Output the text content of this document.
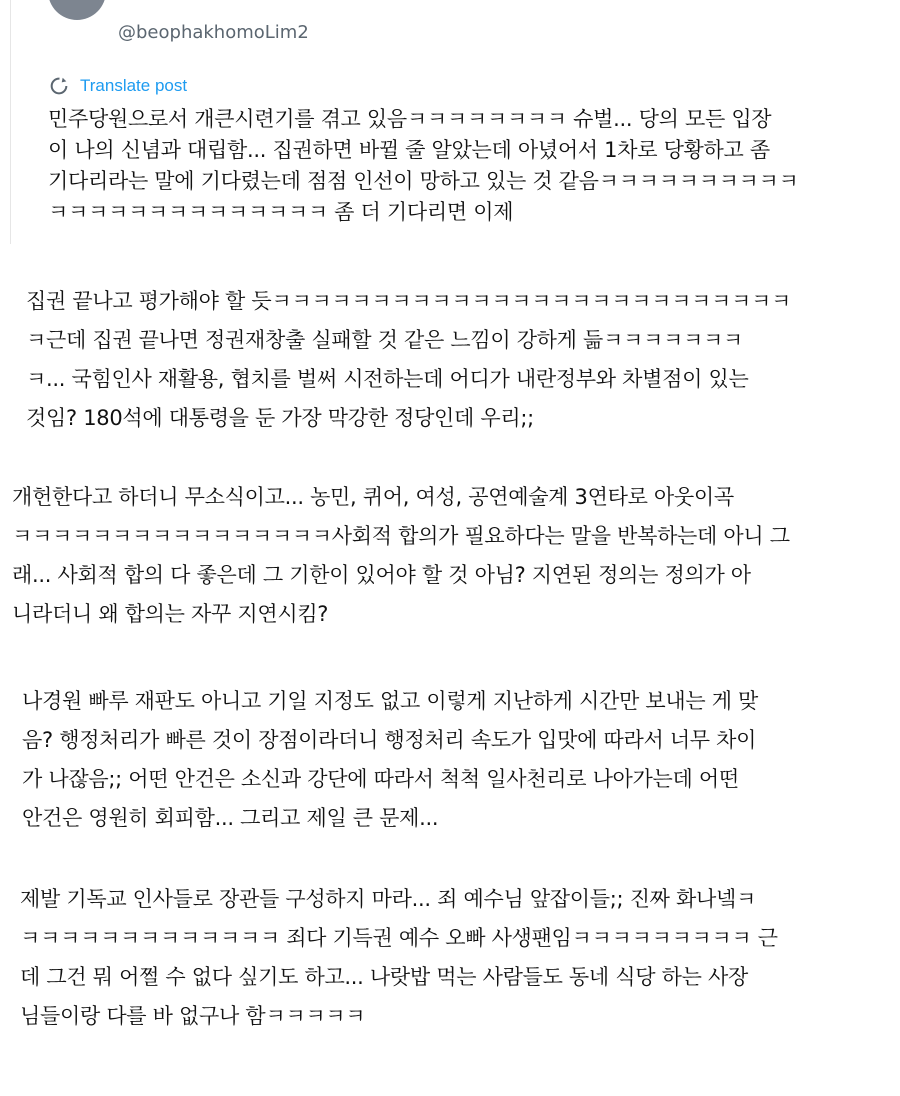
@beophakhomoLim2
Translate post
민주당원으로서 개큰시련기를 겪고 있음ㅋㅋㅋㅋㅋㅋㅋㅋ 슈벌... 당의 모든 입장
이 나의 신념과 대립함... 집권하면 바뀔 줄 알았는데 아녔어서 1차로 당황하고 좀
기다리라는 말에 기다렸는데 점점 인선이 망하고 있는 것 같음ㅋㅋㅋㅋㅋㅋㅋㅋㅋㅋ
ㅋㅋㅋㅋㅋㅋㅋㅋㅋㅋㅋㅋㅋㅋ 좀 더 기다리면 이제
집권 끝나고 평가해야 할 듯ㅋㅋㅋㅋㅋㅋㅋㅋㅋㅋㅋㅋㅋㅋㅋㅋㅋㅋㅋㅋㅋㅋㅋㅋㅋㅋ
ㅋ근데 집권 끝나면 정권재창출 실패할 것 같은 느낌이 강하게 듦ㅋㅋㅋㅋㅋㅋㅋ
ㅋ... 국힘인사 재활용, 협치를 벌써 시전하는데 어디가 내란정부와 차별점이 있는
것임? 180석에 대통령을 둔 가장 막강한 정당인데 우리;;
개헌한다고 하더니 무소식이고... 농민, 퀴어, 여성, 공연예술계 3연타로 아웃이곡
ㅋㅋㅋㅋㅋㅋㅋㅋㅋㅋㅋㅋㅋㅋㅋㅋ사회적 합의가 필요하다는 말을 반복하는데 아니 그
래... 사회적 합의 다 좋은데 그 기한이 있어야 할 것 아님? 지연된 정의는 정의가 아
니라더니 왜 합의는 자꾸 지연시킴?
나경원 빠루 재판도 아니고 기일 지정도 없고 이렇게 지난하게 시간만 보내는 게 맞
음? 행정처리가 빠른 것이 장점이라더니 행정처리 속도가 입맛에 따라서 너무 차이
가 나잖음;; 어떤 안건은 소신과 강단에 따라서 척척 일사천리로 나아가는데 어떤
안건은 영원히 회피함... 그리고 제일 큰 문제...
제발 기독교 인사들로 장관들 구성하지 마라... 죄 예수님 앞잡이들;; 진짜 화나넼ㅋ
ㅋㅋㅋㅋㅋㅋㅋㅋㅋㅋㅋㅋㅋ 죄다 기득권 예수 오빠 사생팬임ㅋㅋㅋㅋㅋㅋㅋㅋㅋ 근
데 그건 뭐 어쩔 수 없다 싶기도 하고... 나랏밥 먹는 사람들도 동네 식당 하는 사장
님들이랑 다를 바 없구나 함ㅋㅋㅋㅋㅋ
